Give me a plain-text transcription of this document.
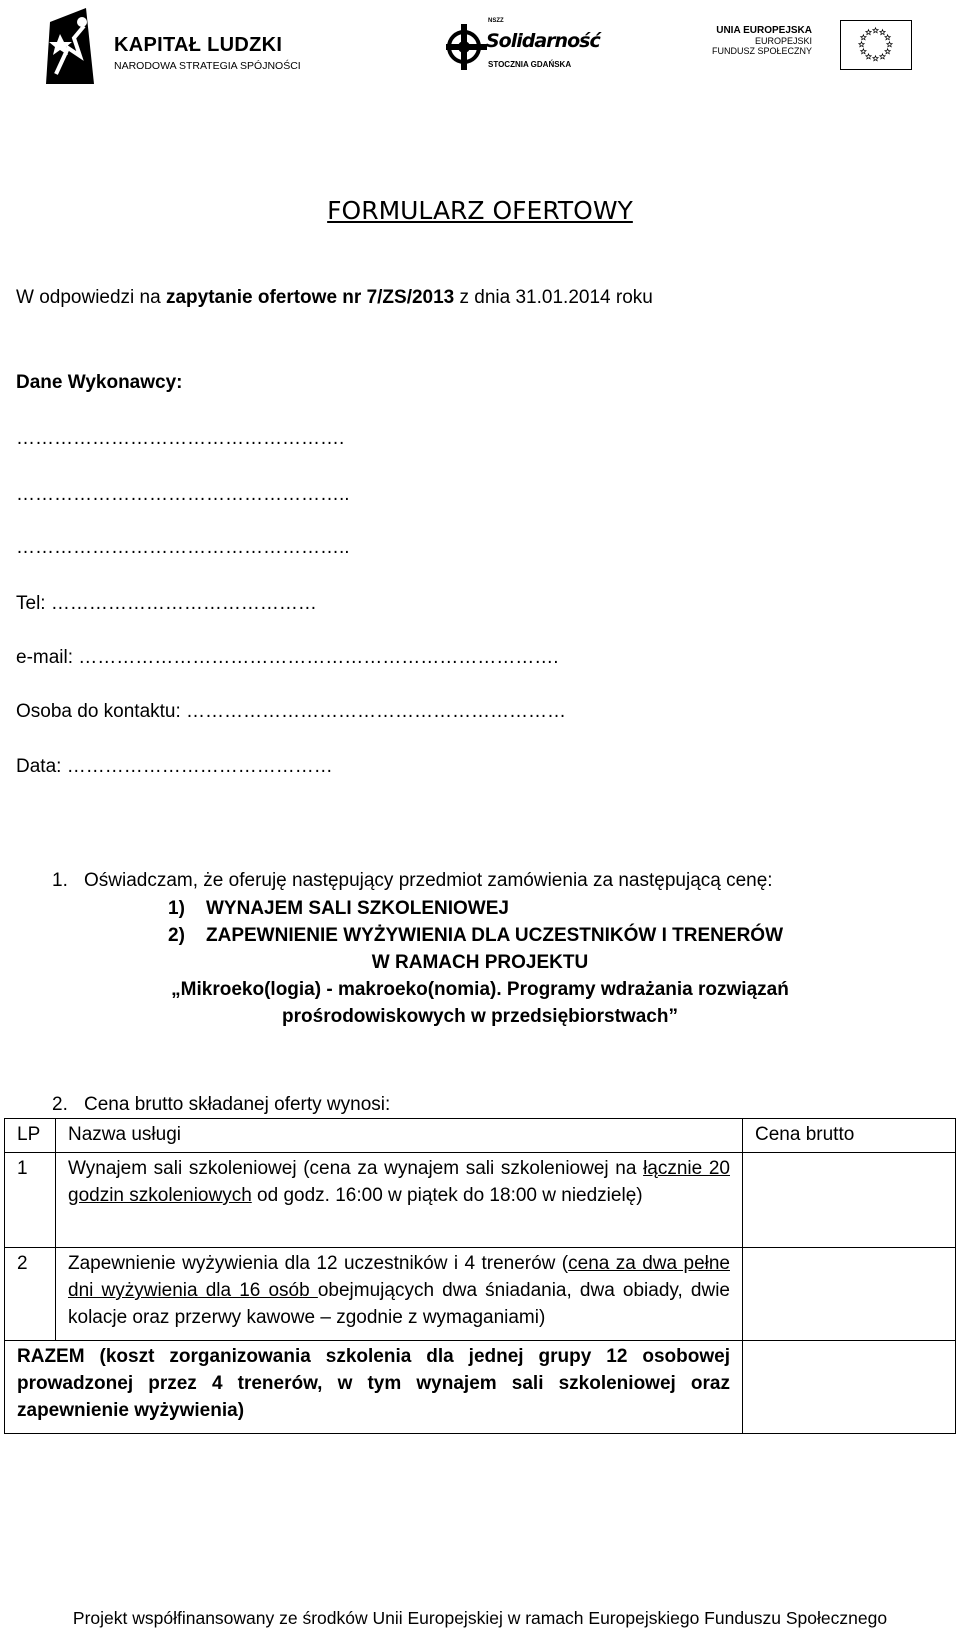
KAPITAŁ LUDZKI
NARODOWA STRATEGIA SPÓJNOŚCI
NSZZ
Solidarność
STOCZNIA GDAŃSKA
UNIA EUROPEJSKA
EUROPEJSKI
FUNDUSZ SPOŁECZNY
FORMULARZ OFERTOWY
W odpowiedzi na zapytanie ofertowe nr 7/ZS/2013 z dnia 31.01.2014 roku
Dane Wykonawcy:
…………………………………………….
……………………………………………..
……………………………………………..
Tel: ……………………………………
e-mail: ………………………………………………………………….
Osoba do kontaktu: ……………………………………………………
Data: ……………………………………
1. Oświadczam, że oferuję następujący przedmiot zamówienia za następującą cenę:
1) WYNAJEM SALI SZKOLENIOWEJ
2) ZAPEWNIENIE WYŻYWIENIA DLA UCZESTNIKÓW I TRENERÓW
W RAMACH PROJEKTU
„Mikroeko(logia) - makroeko(nomia). Programy wdrażania rozwiązań
prośrodowiskowych w przedsiębiorstwach”
2. Cena brutto składanej oferty wynosi:
LP	Nazwa usługi	Cena brutto
1	Wynajem sali szkoleniowej (cena za wynajem sali szkoleniowej na łącznie 20 godzin szkoleniowych od godz. 16:00 w piątek do 18:00 w niedzielę)	
2	Zapewnienie wyżywienia dla 12 uczestników i 4 trenerów (cena za dwa pełne dni wyżywienia dla 16 osób obejmujących dwa śniadania, dwa obiady, dwie kolacje oraz przerwy kawowe – zgodnie z wymaganiami)	
RAZEM (koszt zorganizowania szkolenia dla jednej grupy 12 osobowej prowadzonej przez 4 trenerów, w tym wynajem sali szkoleniowej oraz zapewnienie wyżywienia)		
Projekt współfinansowany ze środków Unii Europejskiej w ramach Europejskiego Funduszu Społecznego
